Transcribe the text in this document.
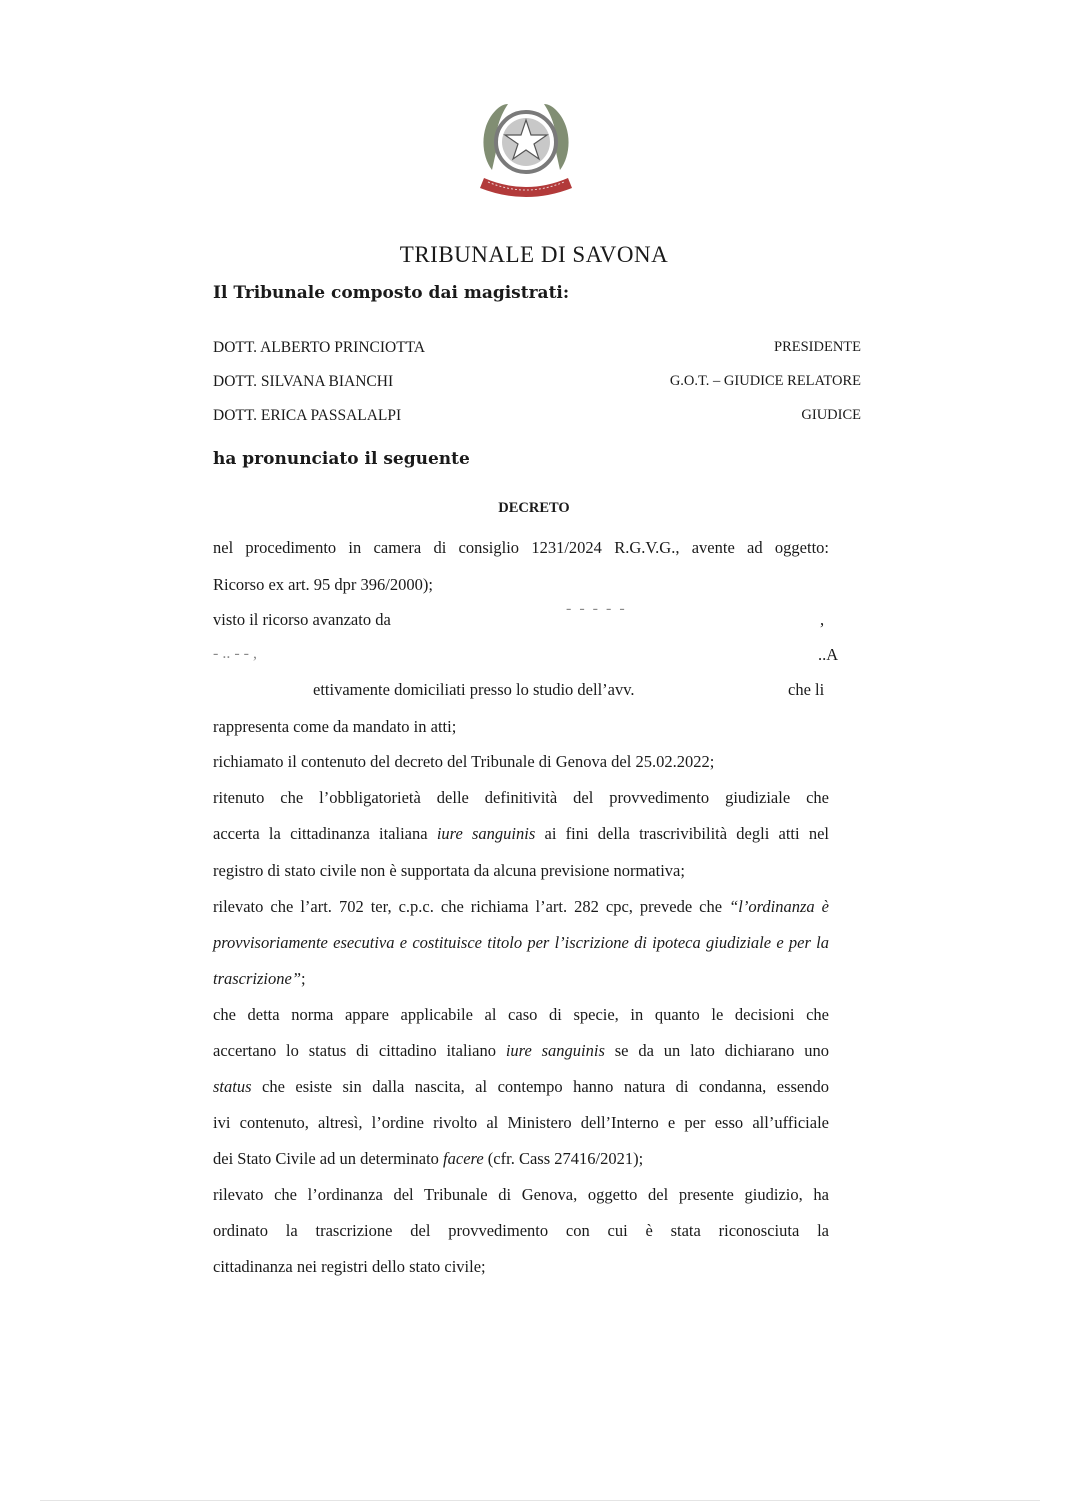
TRIBUNALE DI SAVONA
Il Tribunale composto dai magistrati:
DOTT. ALBERTO PRINCIOTTA	PRESIDENTE
DOTT. SILVANA BIANCHI	G.O.T. – GIUDICE RELATORE
DOTT. ERICA PASSALALPI	GIUDICE
ha pronunciato il seguente
DECRETO
nel procedimento in camera di consiglio 1231/2024 R.G.V.G., avente ad oggetto:
Ricorso ex art. 95 dpr 396/2000);
visto il ricorso avanzato da
- - - - -
,
- .. - - ,	..A
ettivamente domiciliati presso lo studio dell’avv.	che li
rappresenta come da mandato in atti;
richiamato il contenuto del decreto del Tribunale di Genova del 25.02.2022;
ritenuto che l’obbligatorietà delle definitività del provvedimento giudiziale che
accerta la cittadinanza italiana iure sanguinis ai fini della trascrivibilità degli atti nel
registro di stato civile non è supportata da alcuna previsione normativa;
rilevato che l’art. 702 ter, c.p.c. che richiama l’art. 282 cpc, prevede che “l’ordinanza è
provvisoriamente esecutiva e costituisce titolo per l’iscrizione di ipoteca giudiziale e per la
trascrizione”;
che detta norma appare applicabile al caso di specie, in quanto le decisioni che
accertano lo status di cittadino italiano iure sanguinis se da un lato dichiarano uno
status che esiste sin dalla nascita, al contempo hanno natura di condanna, essendo
ivi contenuto, altresì, l’ordine rivolto al Ministero dell’Interno e per esso all’ufficiale
dei Stato Civile ad un determinato facere (cfr. Cass 27416/2021);
rilevato che l’ordinanza del Tribunale di Genova, oggetto del presente giudizio, ha
ordinato la trascrizione del provvedimento con cui è stata riconosciuta la
cittadinanza nei registri dello stato civile;
